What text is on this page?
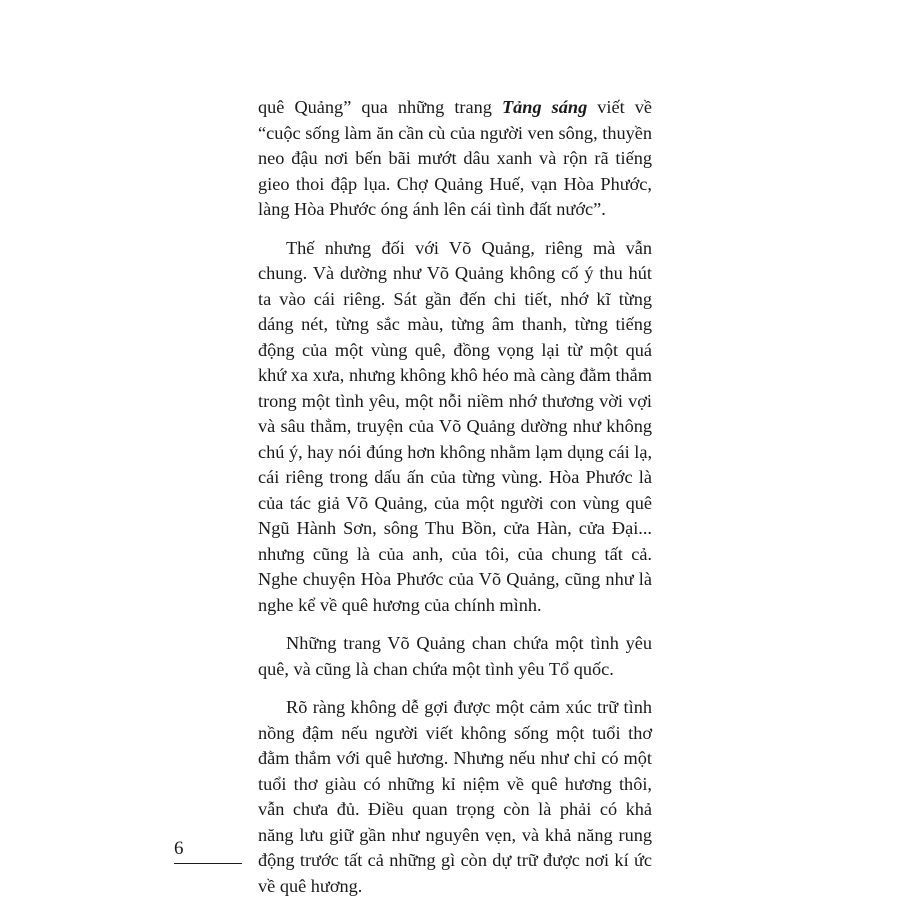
quê Quảng” qua những trang Tảng sáng viết về “cuộc sống làm ăn cần cù của người ven sông, thuyền neo đậu nơi bến bãi mướt dâu xanh và rộn rã tiếng gieo thoi đập lụa. Chợ Quảng Huế, vạn Hòa Phước, làng Hòa Phước óng ánh lên cái tình đất nước”.

Thế nhưng đối với Võ Quảng, riêng mà vẫn chung. Và dường như Võ Quảng không cố ý thu hút ta vào cái riêng. Sát gần đến chi tiết, nhớ kĩ từng dáng nét, từng sắc màu, từng âm thanh, từng tiếng động của một vùng quê, đồng vọng lại từ một quá khứ xa xưa, nhưng không khô héo mà càng đằm thắm trong một tình yêu, một nỗi niềm nhớ thương vời vợi và sâu thẳm, truyện của Võ Quảng dường như không chú ý, hay nói đúng hơn không nhằm lạm dụng cái lạ, cái riêng trong dấu ấn của từng vùng. Hòa Phước là của tác giả Võ Quảng, của một người con vùng quê Ngũ Hành Sơn, sông Thu Bồn, cửa Hàn, cửa Đại... nhưng cũng là của anh, của tôi, của chung tất cả. Nghe chuyện Hòa Phước của Võ Quảng, cũng như là nghe kể về quê hương của chính mình.

Những trang Võ Quảng chan chứa một tình yêu quê, và cũng là chan chứa một tình yêu Tổ quốc.

Rõ ràng không dễ gợi được một cảm xúc trữ tình nồng đậm nếu người viết không sống một tuổi thơ đằm thắm với quê hương. Nhưng nếu như chỉ có một tuổi thơ giàu có những kỉ niệm về quê hương thôi, vẫn chưa đủ. Điều quan trọng còn là phải có khả năng lưu giữ gần như nguyên vẹn, và khả năng rung động trước tất cả những gì còn dự trữ được nơi kí ức về quê hương.

6
